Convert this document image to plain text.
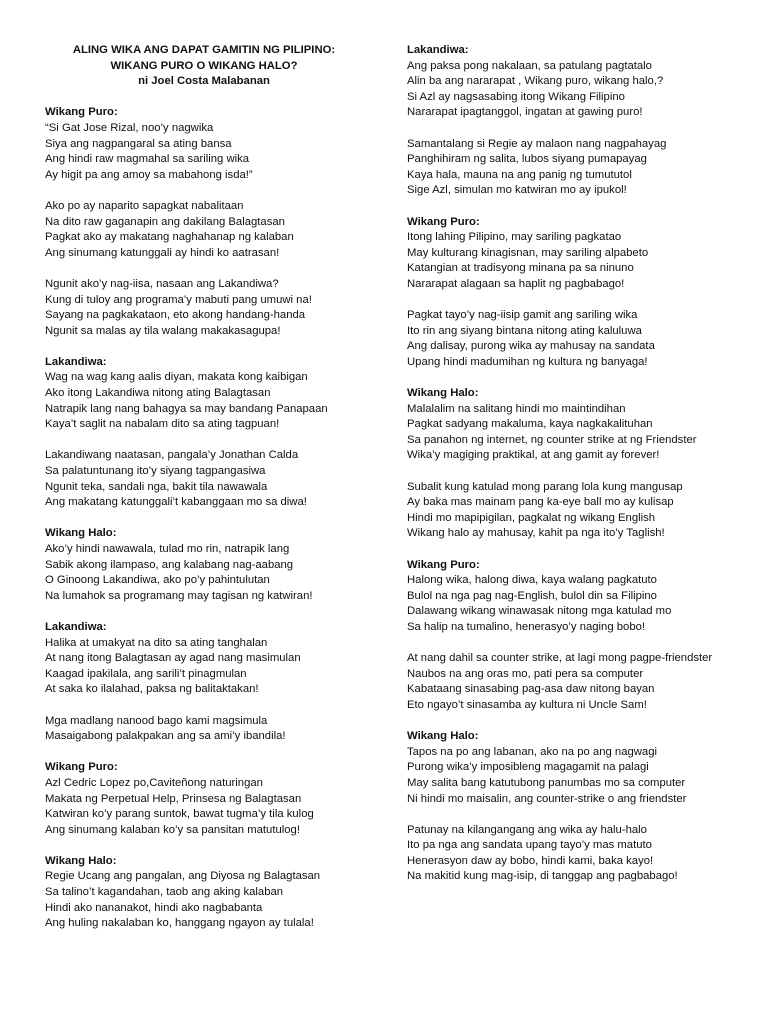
ALING WIKA ANG DAPAT GAMITIN NG PILIPINO:
WIKANG PURO O WIKANG HALO?
ni Joel Costa Malabanan
Wikang Puro:
“Si Gat Jose Rizal, noo’y nagwika
Siya ang nagpangaral sa ating bansa
Ang hindi raw magmahal sa sariling wika
Ay higit pa ang amoy sa mabahong isda!”
Ako po ay naparito sapagkat nabalitaan
Na dito raw gaganapin ang dakilang Balagtasan
Pagkat ako ay makatang naghahanap ng kalaban
Ang sinumang katunggali ay hindi ko aatrasan!
Ngunit ako’y nag-iisa, nasaan ang Lakandiwa?
Kung di tuloy ang programa’y mabuti pang umuwi na!
Sayang na pagkakataon, eto akong handang-handa
Ngunit sa malas ay tila walang makakasagupa!
Lakandiwa:
Wag na wag kang aalis diyan, makata kong kaibigan
Ako itong Lakandiwa nitong ating Balagtasan
Natrapik lang nang bahagya sa may bandang Panapaan
Kaya’t saglit na nabalam dito sa ating tagpuan!
Lakandiwang naatasan, pangala’y Jonathan Calda
Sa palatuntunang ito’y siyang tagpangasiwa
Ngunit teka, sandali nga, bakit tila nawawala
Ang makatang katunggali’t kabanggaan mo sa diwa!
Wikang Halo:
Ako’y hindi nawawala, tulad mo rin, natrapik lang
Sabik akong ilampaso, ang kalabang nag-aabang
O Ginoong Lakandiwa, ako po’y pahintulutan
Na lumahok sa programang may tagisan ng katwiran!
Lakandiwa:
Halika at umakyat na dito sa ating tanghalan
At nang itong Balagtasan ay agad nang masimulan
Kaagad ipakilala, ang sarili’t pinagmulan
At saka ko ilalahad, paksa ng balitaktakan!
Mga madlang nanood bago kami magsimula
Masaigabong palakpakan ang sa ami’y ibandila!
Wikang Puro:
Azl Cedric Lopez po,Caviteñong naturingan
Makata ng Perpetual Help, Prinsesa ng Balagtasan
Katwiran ko’y parang suntok, bawat tugma’y tila kulog
Ang sinumang kalaban ko’y sa pansitan matutulog!
Wikang Halo:
Regie Ucang ang pangalan, ang Diyosa ng Balagtasan
Sa talino’t kagandahan, taob ang aking kalaban
Hindi ako nananakot, hindi ako nagbabanta
Ang huling nakalaban ko, hanggang ngayon ay tulala!
Lakandiwa:
Ang paksa pong nakalaan, sa patulang pagtatalo
Alin ba ang nararapat , Wikang puro, wikang halo,?
Si Azl ay nagsasabing itong Wikang Filipino
Nararapat ipagtanggol, ingatan at gawing puro!
Samantalang si Regie ay malaon nang nagpahayag
Panghihiram ng salita, lubos siyang pumapayag
Kaya hala, mauna na ang panig ng tumututol
Sige Azl, simulan mo katwiran mo ay ipukol!
Wikang Puro:
Itong lahing Pilipino, may sariling pagkatao
May kulturang kinagisnan, may sariling alpabeto
Katangian at tradisyong minana pa sa ninuno
Nararapat alagaan sa haplit ng pagbabago!
Pagkat tayo’y nag-iisip gamit ang sariling wika
Ito rin ang siyang bintana nitong ating kaluluwa
Ang dalisay, purong wika ay mahusay na sandata
Upang hindi madumihan ng kultura ng banyaga!
Wikang Halo:
Malalalim na salitang hindi mo maintindihan
Pagkat sadyang makaluma, kaya nagkakalituhan
Sa panahon ng internet, ng counter strike at ng Friendster
Wika’y magiging praktikal, at ang gamit ay forever!
Subalit kung katulad mong parang lola kung mangusap
Ay baka mas mainam pang ka-eye ball mo ay kulisap
Hindi mo mapipigilan, pagkalat ng wikang English
Wikang halo ay mahusay, kahit pa nga ito’y Taglish!
Wikang Puro:
Halong wika, halong diwa, kaya walang pagkatuto
Bulol na nga pag nag-English, bulol din sa Filipino
Dalawang wikang winawasak nitong mga katulad mo
Sa halip na tumalino, henerasyo’y naging bobo!
At nang dahil sa counter strike, at lagi mong pagpe-friendster
Naubos na ang oras mo, pati pera sa computer
Kabataang sinasabing pag-asa daw nitong bayan
Eto ngayo’t sinasamba ay kultura ni Uncle Sam!
Wikang Halo:
Tapos na po ang labanan, ako na po ang nagwagi
Purong wika’y imposibleng magagamit na palagi
May salita bang katutubong panumbas mo sa computer
Ni hindi mo maisalin, ang counter-strike o ang friendster
Patunay na kilangangang ang wika ay halu-halo
Ito pa nga ang sandata upang tayo’y mas matuto
Henerasyon daw ay bobo, hindi kami, baka kayo!
Na makitid kung mag-isip, di tanggap ang pagbabago!
